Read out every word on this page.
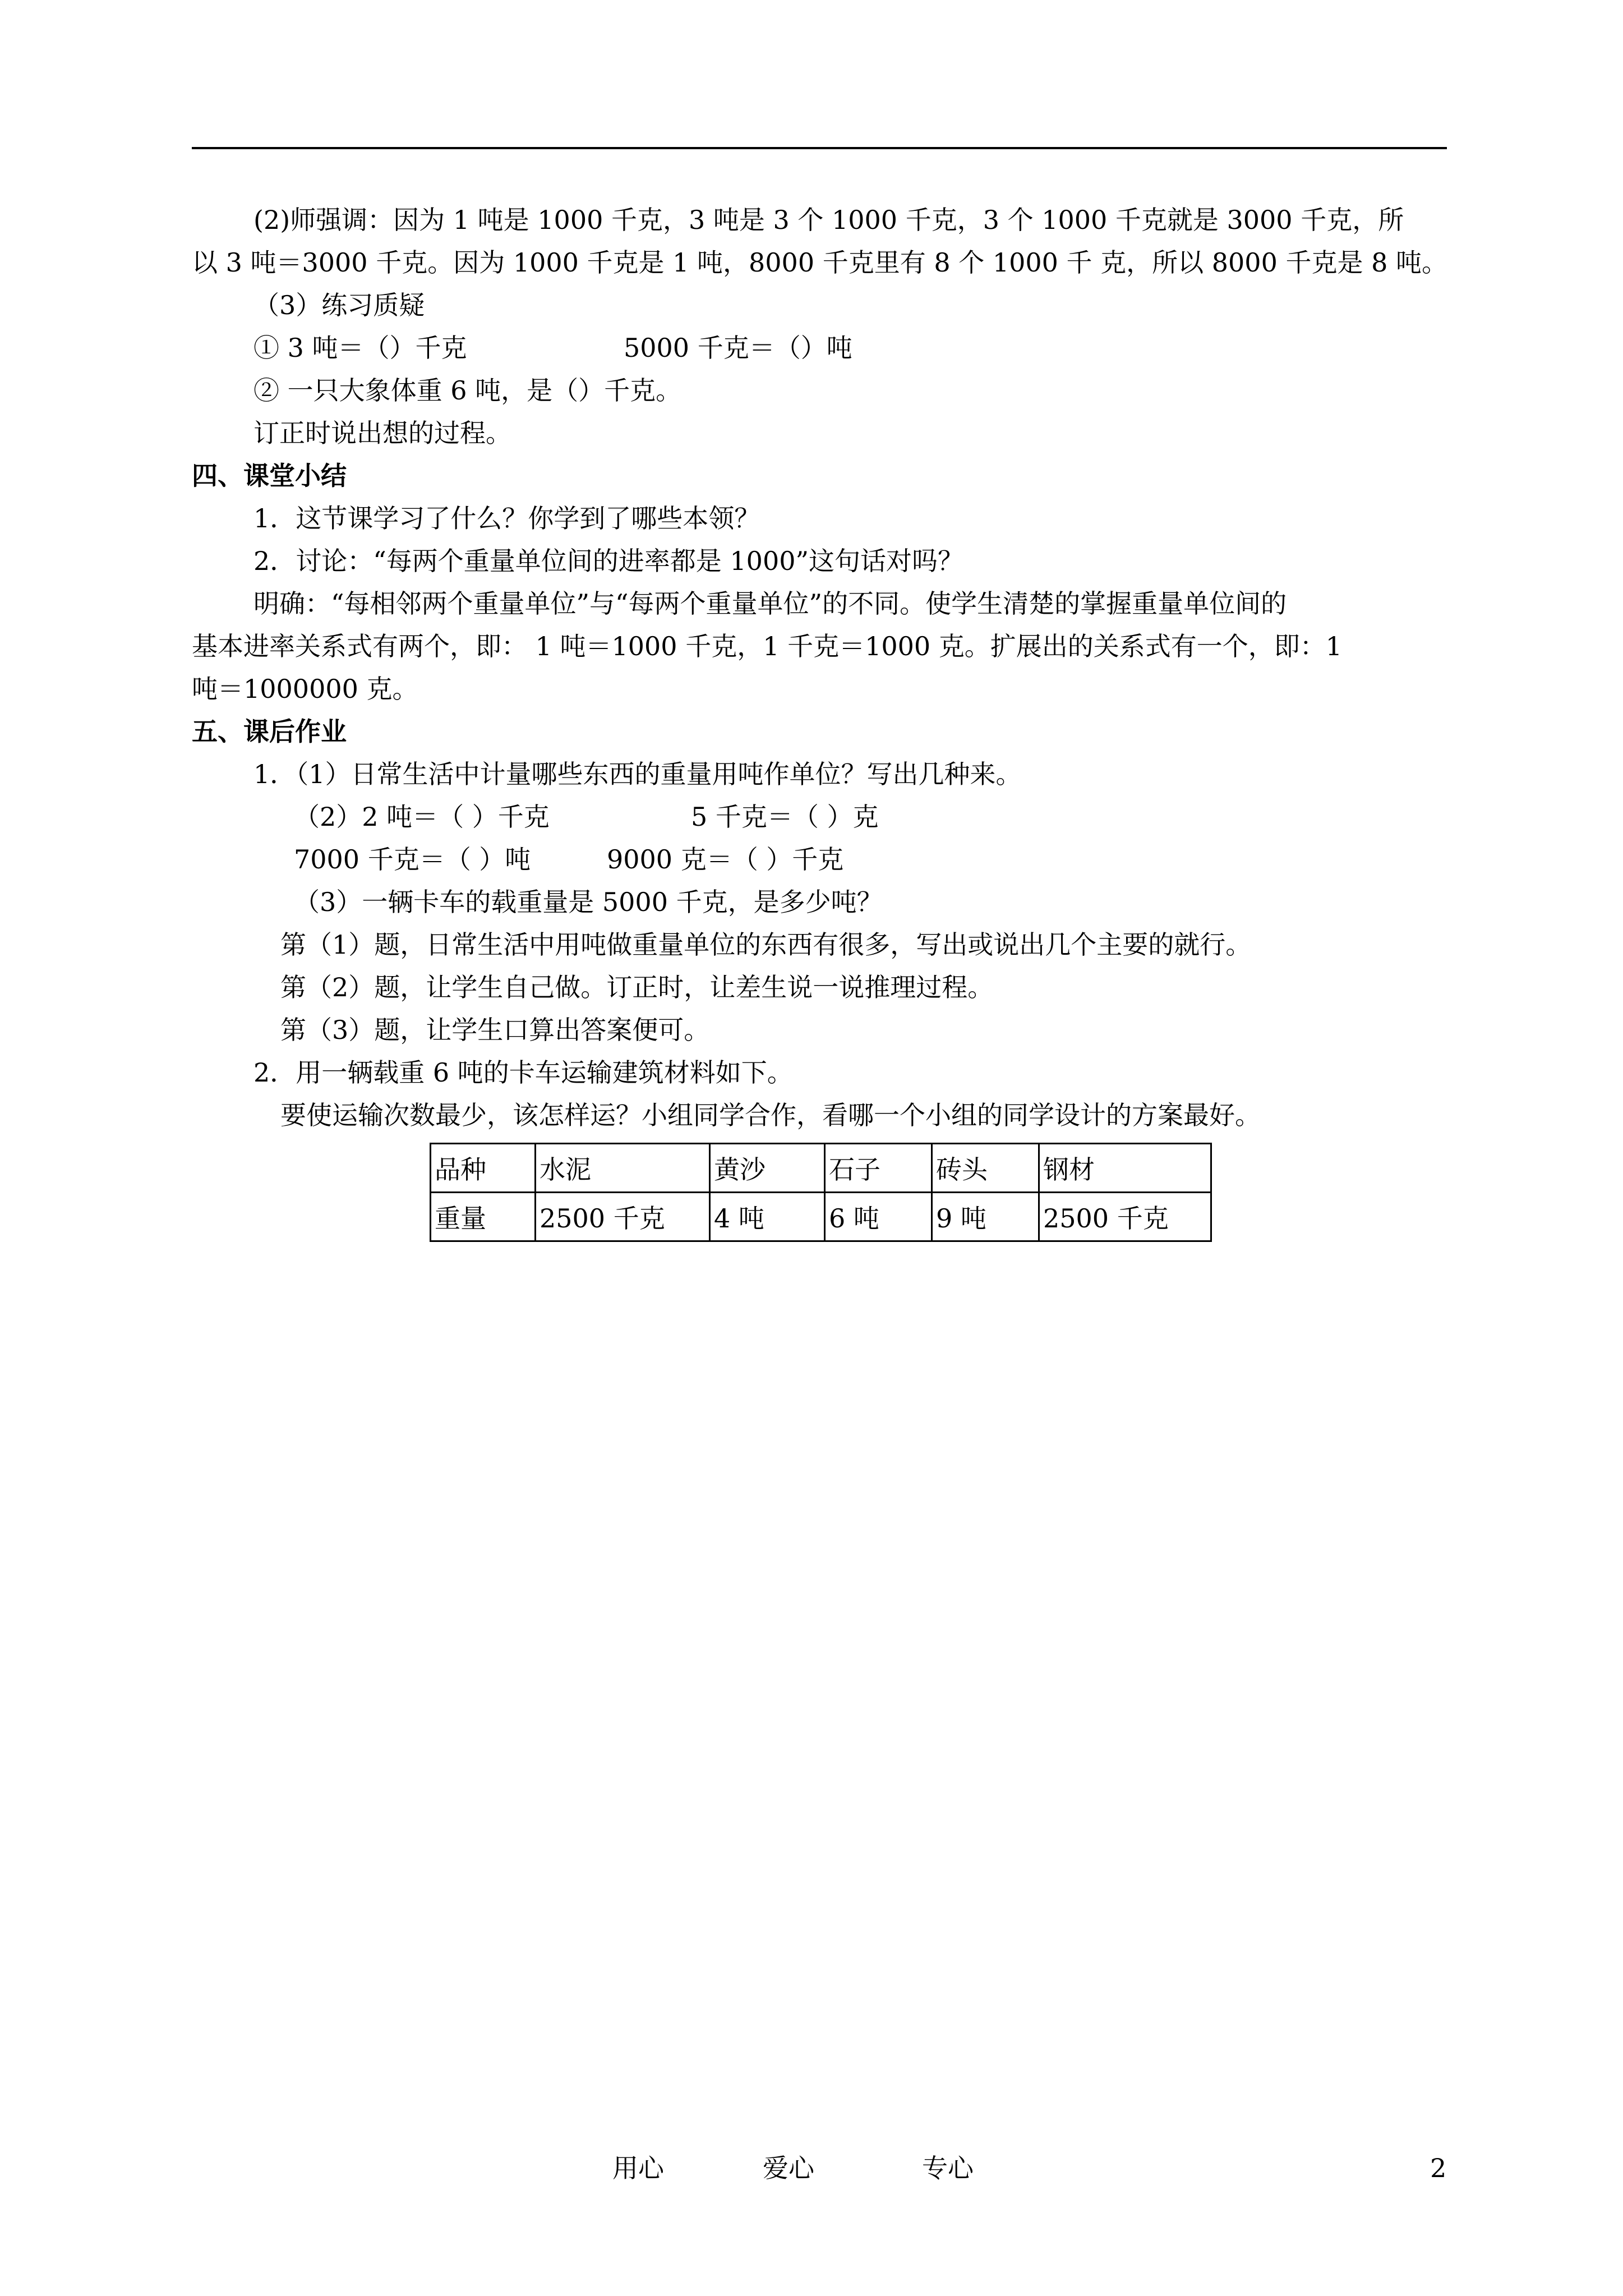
(2)师强调：因为 1 吨是 1000 千克，3 吨是 3 个 1000 千克，3 个 1000 千克就是 3000 千克，所
以 3 吨＝3000 千克。因为 1000 千克是 1 吨，8000 千克里有 8 个 1000 千 克，所以 8000 千克是 8 吨。
（3）练习质疑
① 3 吨＝（）千克	5000 千克＝（）吨
② 一只大象体重 6 吨，是（）千克。
订正时说出想的过程。
四、课堂小结
1．这节课学习了什么？你学到了哪些本领？
2．讨论：“每两个重量单位间的进率都是 1000”这句话对吗？
明确：“每相邻两个重量单位”与“每两个重量单位”的不同。使学生清楚的掌握重量单位间的
基本进率关系式有两个，即： 1 吨＝1000 千克，1 千克＝1000 克。扩展出的关系式有一个，即：1
吨＝1000000 克。
五、课后作业
1．（1）日常生活中计量哪些东西的重量用吨作单位？写出几种来。
（2）2 吨＝（ ）千克	5 千克＝（ ）克
7000 千克＝（ ）吨	9000 克＝（ ）千克
（3）一辆卡车的载重量是 5000 千克，是多少吨？
第（1）题，日常生活中用吨做重量单位的东西有很多，写出或说出几个主要的就行。
第（2）题，让学生自己做。订正时，让差生说一说推理过程。
第（3）题，让学生口算出答案便可。
2．用一辆载重 6 吨的卡车运输建筑材料如下。
要使运输次数最少，该怎样运？小组同学合作，看哪一个小组的同学设计的方案最好。
品种	水泥	黄沙	石子	砖头	钢材
重量	2500 千克	4 吨	6 吨	9 吨	2500 千克
用心	爱心	专心	2
